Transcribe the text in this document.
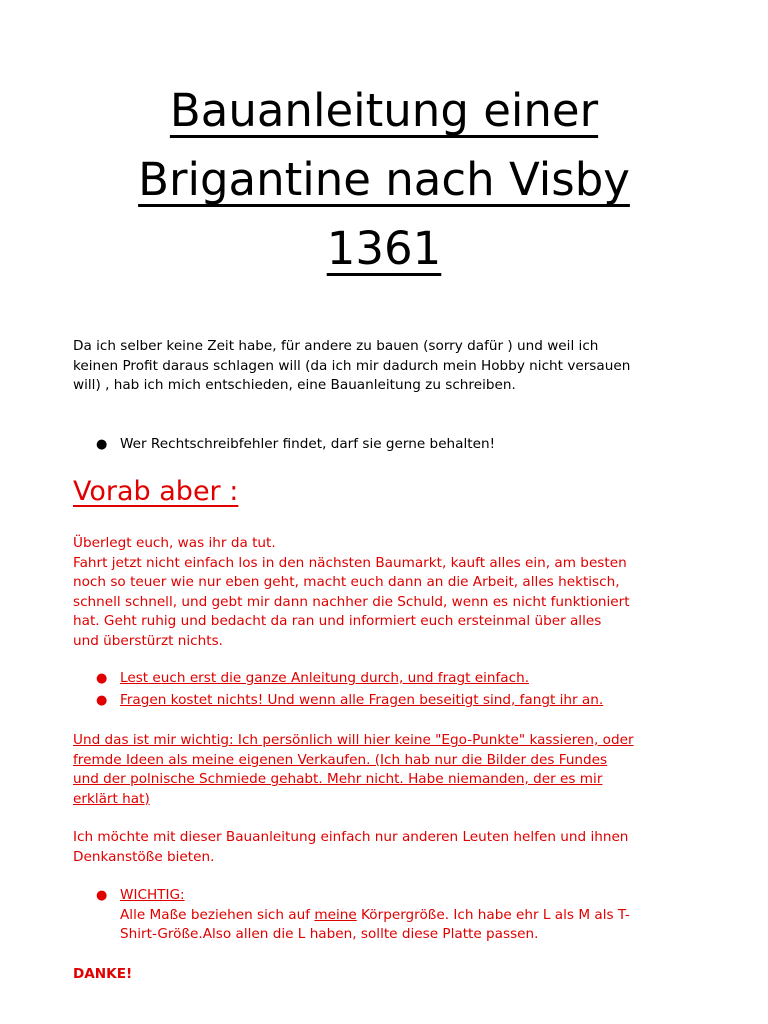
Bauanleitung einer
Brigantine nach Visby
1361
Da ich selber keine Zeit habe, für andere zu bauen (sorry dafür ) und weil ich
keinen Profit daraus schlagen will (da ich mir dadurch mein Hobby nicht versauen
will) , hab ich mich entschieden, eine Bauanleitung zu schreiben.
● Wer Rechtschreibfehler findet, darf sie gerne behalten!
Vorab aber :
Überlegt euch, was ihr da tut.
Fahrt jetzt nicht einfach los in den nächsten Baumarkt, kauft alles ein, am besten
noch so teuer wie nur eben geht, macht euch dann an die Arbeit, alles hektisch,
schnell schnell, und gebt mir dann nachher die Schuld, wenn es nicht funktioniert
hat. Geht ruhig und bedacht da ran und informiert euch ersteinmal über alles
und überstürzt nichts.
● Lest euch erst die ganze Anleitung durch, und fragt einfach.
● Fragen kostet nichts! Und wenn alle Fragen beseitigt sind, fangt ihr an.
Und das ist mir wichtig: Ich persönlich will hier keine "Ego-Punkte" kassieren, oder
fremde Ideen als meine eigenen Verkaufen. (Ich hab nur die Bilder des Fundes
und der polnische Schmiede gehabt. Mehr nicht. Habe niemanden, der es mir
erklärt hat)
Ich möchte mit dieser Bauanleitung einfach nur anderen Leuten helfen und ihnen
Denkanstöße bieten.
● WICHTIG:
Alle Maße beziehen sich auf meine Körpergröße. Ich habe ehr L als M als T-
Shirt-Größe.Also allen die L haben, sollte diese Platte passen.
DANKE!
